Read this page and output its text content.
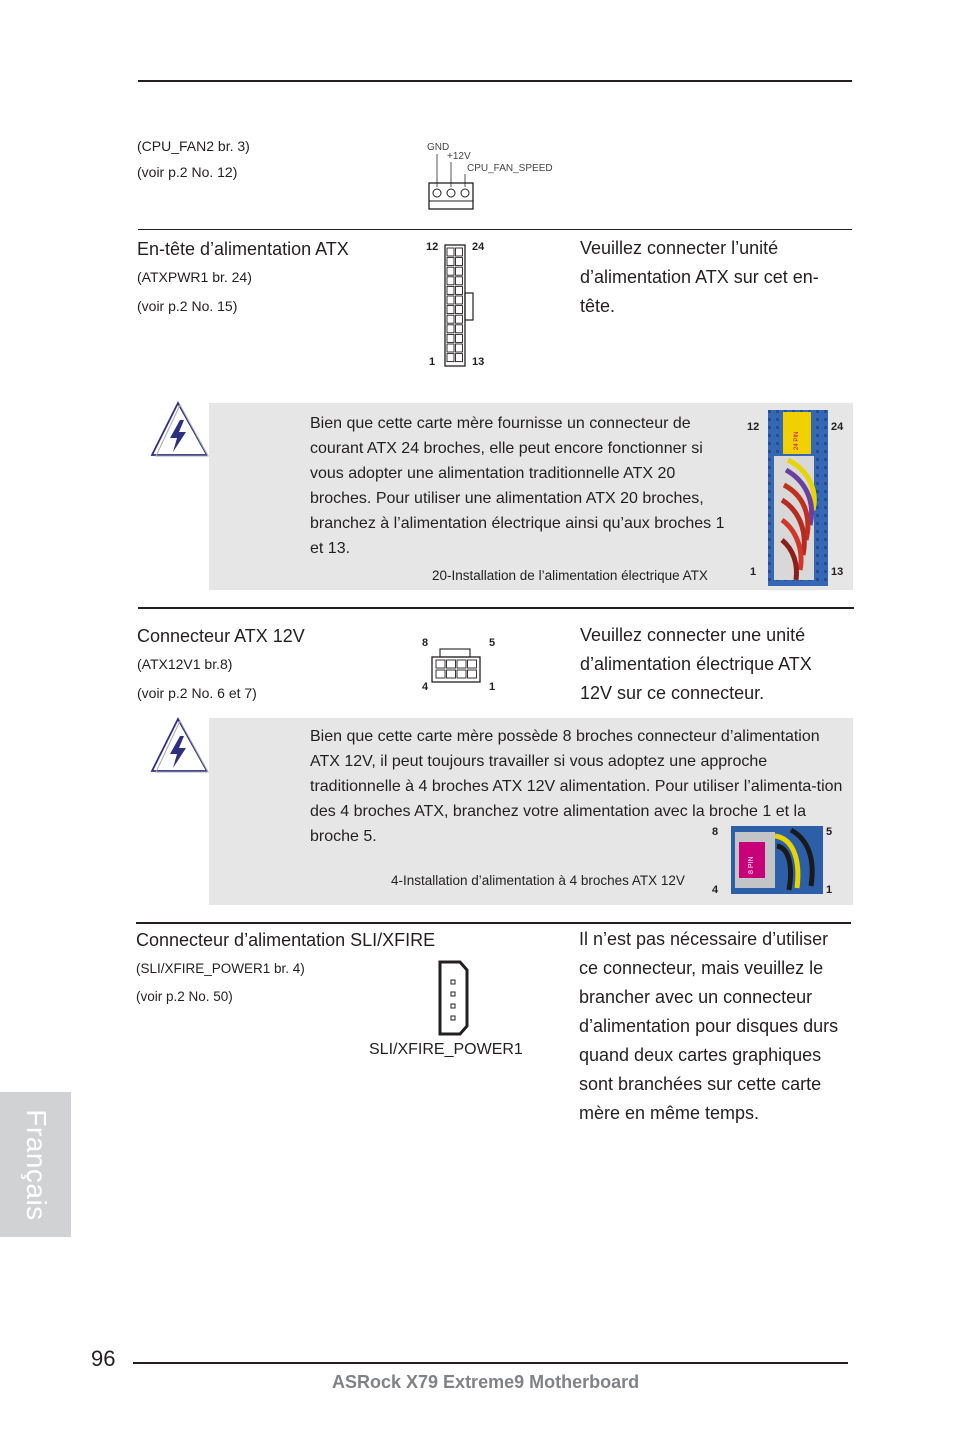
(CPU_FAN2 br. 3)
(voir p.2 No. 12)
GND
+12V
CPU_FAN_SPEED
En-tête d’alimentation ATX
(ATXPWR1 br. 24)
(voir p.2 No. 15)
12	24
1	13
Veuillez connecter l’unité d’alimentation ATX sur cet en-tête.
Bien que cette carte mère fournisse un connecteur de courant ATX 24 broches, elle peut encore fonctionner si vous adopter une alimentation traditionnelle ATX 20 broches. Pour utiliser une alimentation ATX 20 broches, branchez à l’alimentation électrique ainsi qu’aux broches 1 et 13.
20-Installation de l’alimentation électrique ATX
12	24
1	13
24 PIN
Connecteur ATX 12V
(ATX12V1 br.8)
(voir p.2 No. 6 et 7)
8	5
4	1
Veuillez connecter une unité d’alimentation électrique ATX 12V sur ce connecteur.
Bien que cette carte mère possède 8 broches connecteur d’alimentation ATX 12V, il peut toujours travailler si vous adoptez une approche traditionnelle à 4 broches ATX 12V alimentation. Pour utiliser l’alimenta-tion des 4 broches ATX, branchez votre alimentation avec la broche 1 et la broche 5.
4-Installation d’alimentation à 4 broches ATX 12V
8	5
4	1
8 PIN
Connecteur d’alimentation SLI/XFIRE
(SLI/XFIRE_POWER1 br. 4)
(voir p.2 No. 50)
SLI/XFIRE_POWER1
Il n’est pas nécessaire d’utiliser ce connecteur, mais veuillez le brancher avec un connecteur d’alimentation pour disques durs quand deux cartes graphiques sont branchées sur cette carte mère en même temps.
Français
96
ASRock X79 Extreme9 Motherboard
